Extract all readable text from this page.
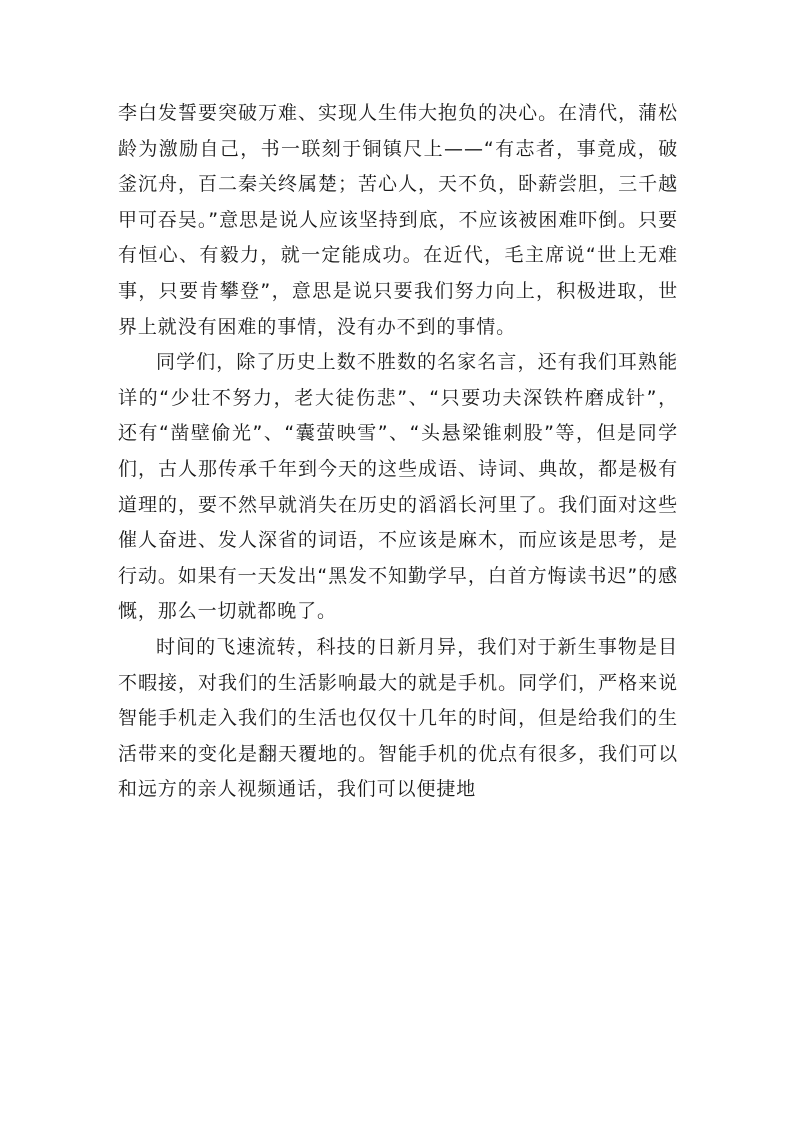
李白发誓要突破万难、实现人生伟大抱负的决心。在清代，蒲松龄为激励自己，书一联刻于铜镇尺上——“有志者，事竟成，破釜沉舟，百二秦关终属楚；苦心人，天不负，卧薪尝胆，三千越甲可吞吴。”意思是说人应该坚持到底，不应该被困难吓倒。只要有恒心、有毅力，就一定能成功。在近代，毛主席说“世上无难事，只要肯攀登”，意思是说只要我们努力向上，积极进取，世界上就没有困难的事情，没有办不到的事情。

同学们，除了历史上数不胜数的名家名言，还有我们耳熟能详的“少壮不努力，老大徒伤悲”、“只要功夫深铁杵磨成针”，还有“凿壁偷光”、“囊萤映雪”、“头悬梁锥刺股”等，但是同学们，古人那传承千年到今天的这些成语、诗词、典故，都是极有道理的，要不然早就消失在历史的滔滔长河里了。我们面对这些催人奋进、发人深省的词语，不应该是麻木，而应该是思考，是行动。如果有一天发出“黑发不知勤学早，白首方悔读书迟”的感慨，那么一切就都晚了。

时间的飞速流转，科技的日新月异，我们对于新生事物是目不暇接，对我们的生活影响最大的就是手机。同学们，严格来说智能手机走入我们的生活也仅仅十几年的时间，但是给我们的生活带来的变化是翻天覆地的。智能手机的优点有很多，我们可以和远方的亲人视频通话，我们可以便捷地
